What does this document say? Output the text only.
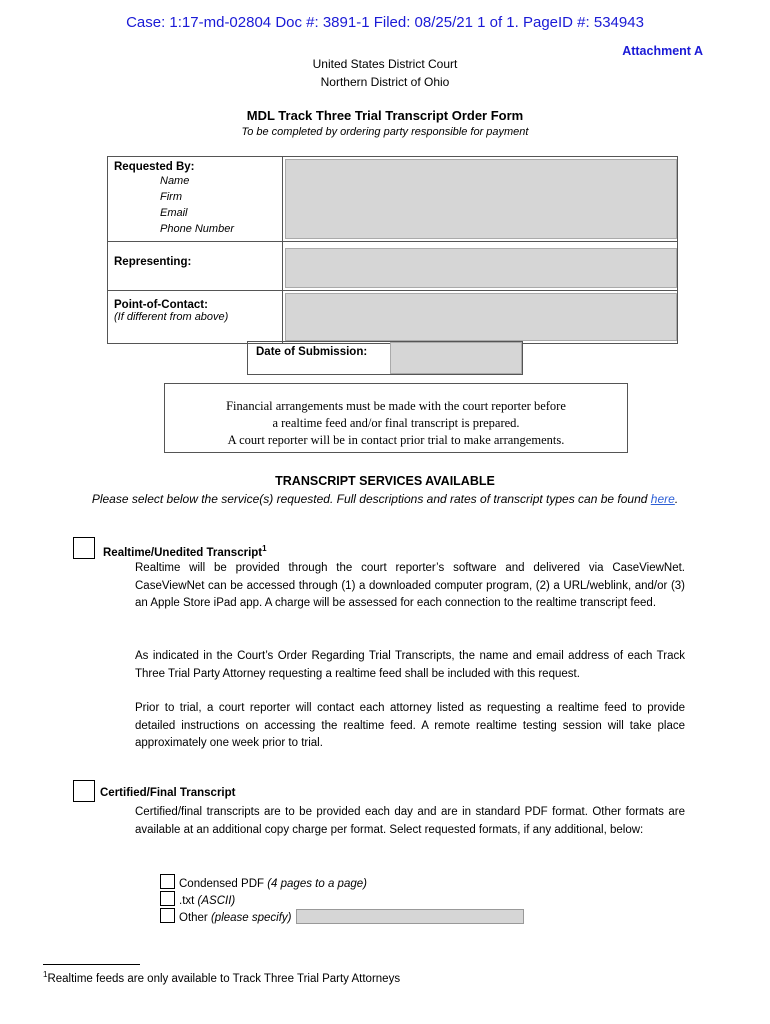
Case: 1:17-md-02804 Doc #: 3891-1 Filed: 08/25/21 1 of 1. PageID #: 534943
Attachment A
United States District Court
Northern District of Ohio
MDL Track Three Trial Transcript Order Form
To be completed by ordering party responsible for payment
Requested By:
Name
Firm
Email
Phone Number	

Representing:	

Point-of-Contact:
(If different from above)	

Date of Submission:
Financial arrangements must be made with the court reporter before
a realtime feed and/or final transcript is prepared.
A court reporter will be in contact prior trial to make arrangements.
TRANSCRIPT SERVICES AVAILABLE
Please select below the service(s) requested. Full descriptions and rates of transcript types can be found here.
Realtime/Unedited Transcript$^1$
Realtime will be provided through the court reporter’s software and delivered via CaseViewNet. CaseViewNet can be accessed through (1) a downloaded computer program, (2) a URL/weblink, and/or (3) an Apple Store iPad app. A charge will be assessed for each connection to the realtime transcript feed.
As indicated in the Court’s Order Regarding Trial Transcripts, the name and email address of each Track Three Trial Party Attorney requesting a realtime feed shall be included with this request.
Prior to trial, a court reporter will contact each attorney listed as requesting a realtime feed to provide detailed instructions on accessing the realtime feed. A remote realtime testing session will take place approximately one week prior to trial.
Certified/Final Transcript
Certified/final transcripts are to be provided each day and are in standard PDF format. Other formats are available at an additional copy charge per format. Select requested formats, if any additional, below:
Condensed PDF (4 pages to a page)
.txt (ASCII)
Other (please specify)
$^1$Realtime feeds are only available to Track Three Trial Party Attorneys
